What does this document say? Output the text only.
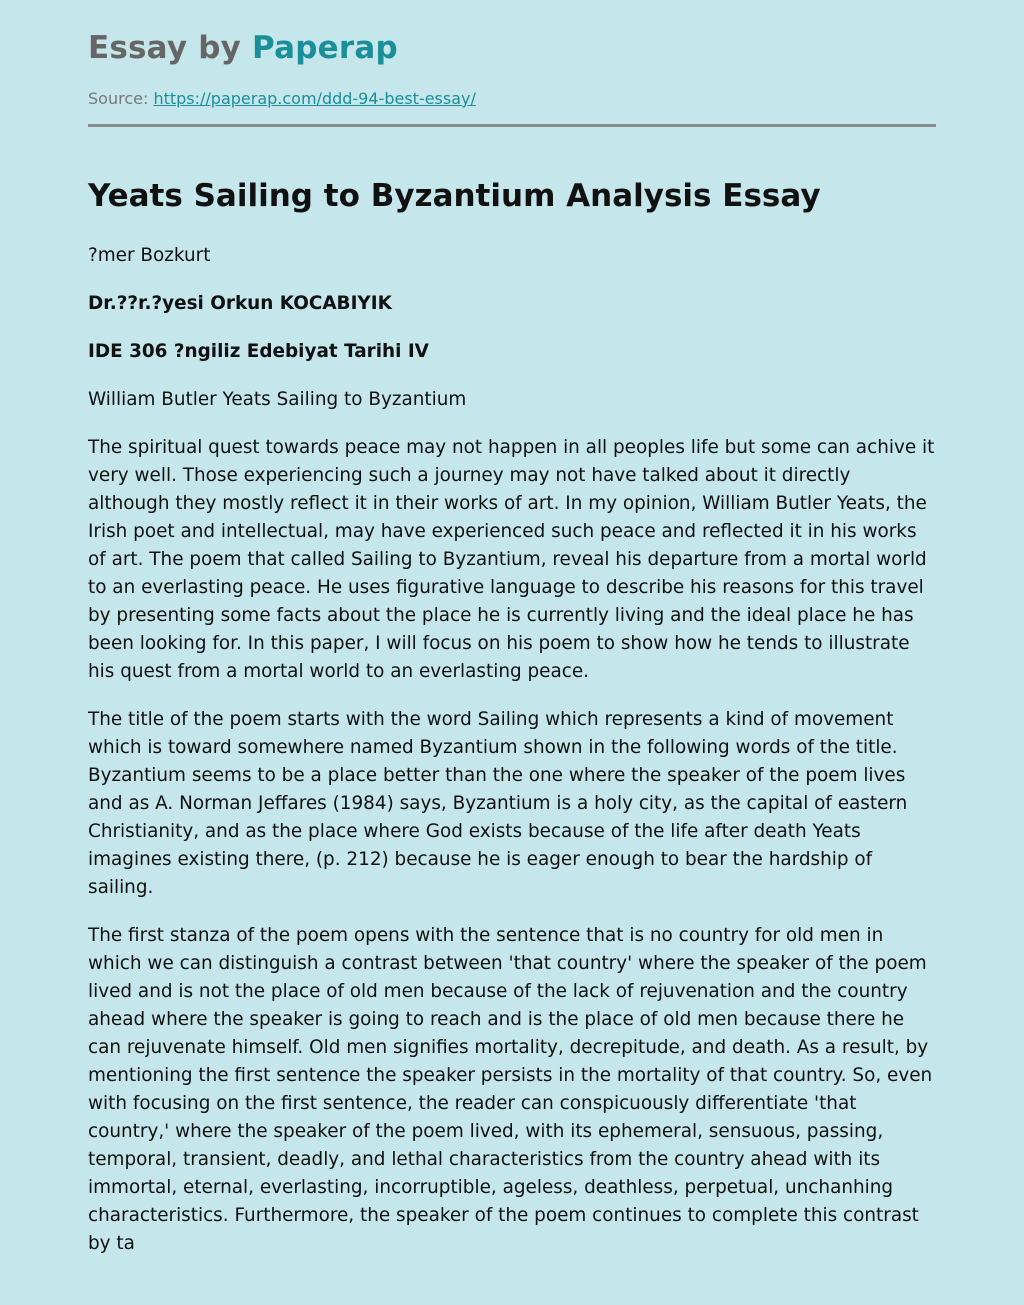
Essay by Paperap
Source: https://paperap.com/ddd-94-best-essay/
Yeats Sailing to Byzantium Analysis Essay

?mer Bozkurt

Dr.??r.?yesi Orkun KOCABIYIK

IDE 306 ?ngiliz Edebiyat Tarihi IV

William Butler Yeats Sailing to Byzantium

The spiritual quest towards peace may not happen in all peoples life but some can achive it very well. Those experiencing such a journey may not have talked about it directly although they mostly reflect it in their works of art. In my opinion, William Butler Yeats, the Irish poet and intellectual, may have experienced such peace and reflected it in his works of art. The poem that called Sailing to Byzantium, reveal his departure from a mortal world to an everlasting peace. He uses figurative language to describe his reasons for this travel by presenting some facts about the place he is currently living and the ideal place he has been looking for. In this paper, I will focus on his poem to show how he tends to illustrate his quest from a mortal world to an everlasting peace.

The title of the poem starts with the word Sailing which represents a kind of movement which is toward somewhere named Byzantium shown in the following words of the title. Byzantium seems to be a place better than the one where the speaker of the poem lives and as A. Norman Jeffares (1984) says, Byzantium is a holy city, as the capital of eastern Christianity, and as the place where God exists because of the life after death Yeats imagines existing there, (p. 212) because he is eager enough to bear the hardship of sailing.

The first stanza of the poem opens with the sentence that is no country for old men in which we can distinguish a contrast between 'that country' where the speaker of the poem lived and is not the place of old men because of the lack of rejuvenation and the country ahead where the speaker is going to reach and is the place of old men because there he can rejuvenate himself. Old men signifies mortality, decrepitude, and death. As a result, by mentioning the first sentence the speaker persists in the mortality of that country. So, even with focusing on the first sentence, the reader can conspicuously differentiate 'that country,' where the speaker of the poem lived, with its ephemeral, sensuous, passing, temporal, transient, deadly, and lethal characteristics from the country ahead with its immortal, eternal, everlasting, incorruptible, ageless, deathless, perpetual, unchanhing characteristics. Furthermore, the speaker of the poem continues to complete this contrast by ta
